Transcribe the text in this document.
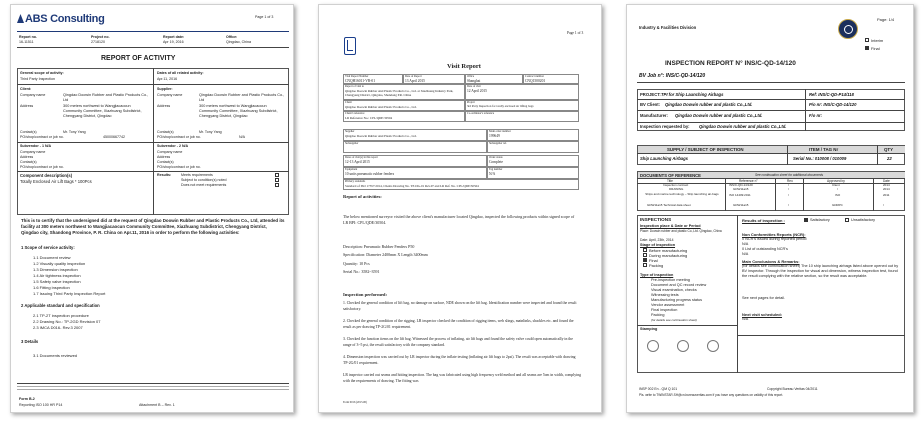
ABS Consulting	Page 1 of 3
Report no.	Project no.	Report date:	Office:
16-11511	2718120	Apr 19, 2016	Qingdao, China
REPORT OF ACTIVITY
General scope of activity:
Third Party Inspection
Dates of all related activity:
Apr.11, 2016
Client:
Company name	Qingdao Doowin Rubber and Plastic Products Co., Ltd
Address	300 meters northwest to Wangjiacaocun Community Committee, Xiazhuang Subdistrict, Chengyang District, Qingdao
Contact(s)	Mr. Tony Yang
PO/shop/contract or job no.	45000667742
Supplier:
Company name	Qingdao Doowin Rubber and Plastic Products Co., Ltd
Address	300 meters northwest to Wangjiacaocun Community Committee, Xiazhuang Subdistrict, Chengyang District, Qingdao
Contact(s)	Mr. Tony Yang
PO/shop/contract or job no.	N/A
Subvendor - 1 N/A	Subvendor - 2 N/A
Company name
Address
Contact(s)
PO/shop/contract or job no.
Company name
Address
Contact(s)
PO/shop/contract or job no.
Component description(s)
Totally Enclosed Air Lift Bags * 100Pcs
Results:	Meets requirements
Subject to condition(s) noted
Does not meet requirements
This is to certify that the undersigned did at the request of Qingdao Doowin Rubber and Plastic Products Co., Ltd, attended its facility at 300 meters northwest to Wangjiacaocun Community Committee, Xiazhuang Subdistrict, Chengyang District, Qingdao city, Shandong Province, P. R. China on Apr.11, 2016 in order to perform the following activities:
1 Scope of service activity:
1.1 Document review
1.2 Visually quality inspection
1.3 Dimension inspection
1.4 Air tightness inspection
1.5 Safety valve inspection
1.6 Fitting inspection
1.7 Issuing Third Party Inspection Report
2 Applicable standard and specification
2.1 TP-2T inspection procedure
2.2 Drawing No.: TP-2GD Revision 07
2.3 IMCA D016- Rev.3 2007
3 Details
3.1 Documents reviewed
Form B-2
Reporting ISO 100 HR P14	Attachment B – Rev. 1
Page 1 of 3
Visit Report
Visit Report Number	Date of Report	Office	Contract number
CNQH16011-VR-01	13 April 2015	Shanghai	CNQ1500201
Report of visit to
Qingdao Doowin Rubber And Plastic Products Co., Ltd. at Xiazhuang Industry Park, Chengyang District, Qingdao, Shandong P.R. China
Date of visit
12 April 2015
Client
Qingdao Doowin Rubber And Plastic Products Co., Ltd.
Project
3rd Party Inspection for totally enclosed air lifting bags
Client's reference
LR Reference No.: CPL/QDE/30504
Co-ordinator's reference
Supplier
Qingdao Doowin Rubber And Plastic Products Co., Ltd.
Main order number
199649
Subsupplier	Subsupplier ref.
Dates of visit(s) in this report
12-13 April 2015
Order status
Complete
Equipment
10 units pneumatic rubber fenders
Tag number
N/A
Primary standards
Standard of ISO 17357:2014, Clients Drawing No. TP-DG-01 Rev.07 and LR Ref. No. CPL/QDE/30504
Report of activities:
The below mentioned surveyor visited the above client's manufacturer located Qingdao, inspected the following products within signed scope of LR BPI: CPL/QDE/30504.
Description: Pneumatic Rubber Fenders P50
Specification: Diameter 2400mm X Length 3400mm
Quantity: 10 Pcs
Serial No.: 3582~3591
Inspection performed:
1. Checked the general condition of lift bag, no damage on surface, NDE shown on the lift bag. Identification number were inspected and found the result satisfactory.
2. Checked the general condition of the rigging. LR inspector checked the condition of rigging items, web slings, mainlinks, shackles etc. and found the result as per drawing TP-2G/01 requirement.
3. Checked the function items on the lift bag. Witnessed the process of inflating, air lift bags and found the safety valve could open automatically in the range of 3~5 psi, the result satisfactory with the company standard.
4. Dimension inspection was carried out by LR inspector during the inflate testing (inflating air lift bags to 2psi). The result was acceptable with drawing TP-2G/01 requirement.
LR inspector carried out seams and hitting inspection. The bag was fabricated using high frequency weld method and all seams are 5cm in width, complying with the requirements of drawing. The fitting was
Form 0016 (2015.00)
Industry & Facilities Division
Page: 1/4
Interim
Final
INSPECTION REPORT N° INS/C-QD-14/120
BV Job n°: INS/C-QD-14/120
PROJECT: TPI for Ship Launching Airbags	Ref: INS/C-QD-P14/118
BV Client: Qingdao Doowin rubber and plastic Co.,Ltd.	P/o nr: INS/C-QD-14/120
Manufacturer: Qingdao Doowin rubber and plastic Co.,Ltd.	F/o nr:
Inspection requested by: Qingdao Doowin rubber and plastic Co.,Ltd.
SUPPLY / SUBJECT OF INSPECTION	ITEM / TAG Nr	QTY
Ship Launching Airbags	Serial No.: 010008 / 010009	22
DOCUMENTS OF REFERENCE	See continuation sheet for additional documents
Title	Reference n°	Rev.	Approved by	Date
Inspection contract	INS/C-QD-14/120	/	Client	2014
DRAWING	GDW11a15	/	/	2014
Ships and marine technology – Ship launching air-bags	ISO 14409:2011	/	ISO	2011
GDW11a15 Technical data sheet	GDW11a15	/	GDRPC	/
INSPECTIONS
Inspection place & Date or Period
Place: Doowin rubber and plastic Co.,Ltd. Qingdao, China
Date: April, 23th, 2014
Stage of inspection
Before manufacturing
During manufacturing
Final
Packing
Type of inspection
Pre-inspection meeting
Document and QC record review
Visual examination, checks
Witnessing tests
Manufacturing progress status
Vendor assessment
Final inspection
Packing
(for details see continuation sheet)
Stamping
Results of inspection :	Satisfactory	Unsatisfactory
Non Conformities Reports (NCR):
0 NCR's issued during reported period
N/A
0 List of outstanding NCR's
N/A
Main Conclusions & Remarks:
(for details see continuation sheet) The 10 ship launching airbags listed above opened out by BV inspector. Through the inspection for visual and dimension, witness inspection test, found the result complying with the relative section, so the result was acceptable.
See next pages for detail.
Next visit scheduled:
N/A
INSP 002 En - QM Q 101	Copyright Bureau Veritas 04/2011
Pls. write to TWINSTAR.SH@cn.bureauveritas.com if you have any questions on validity of this report.
